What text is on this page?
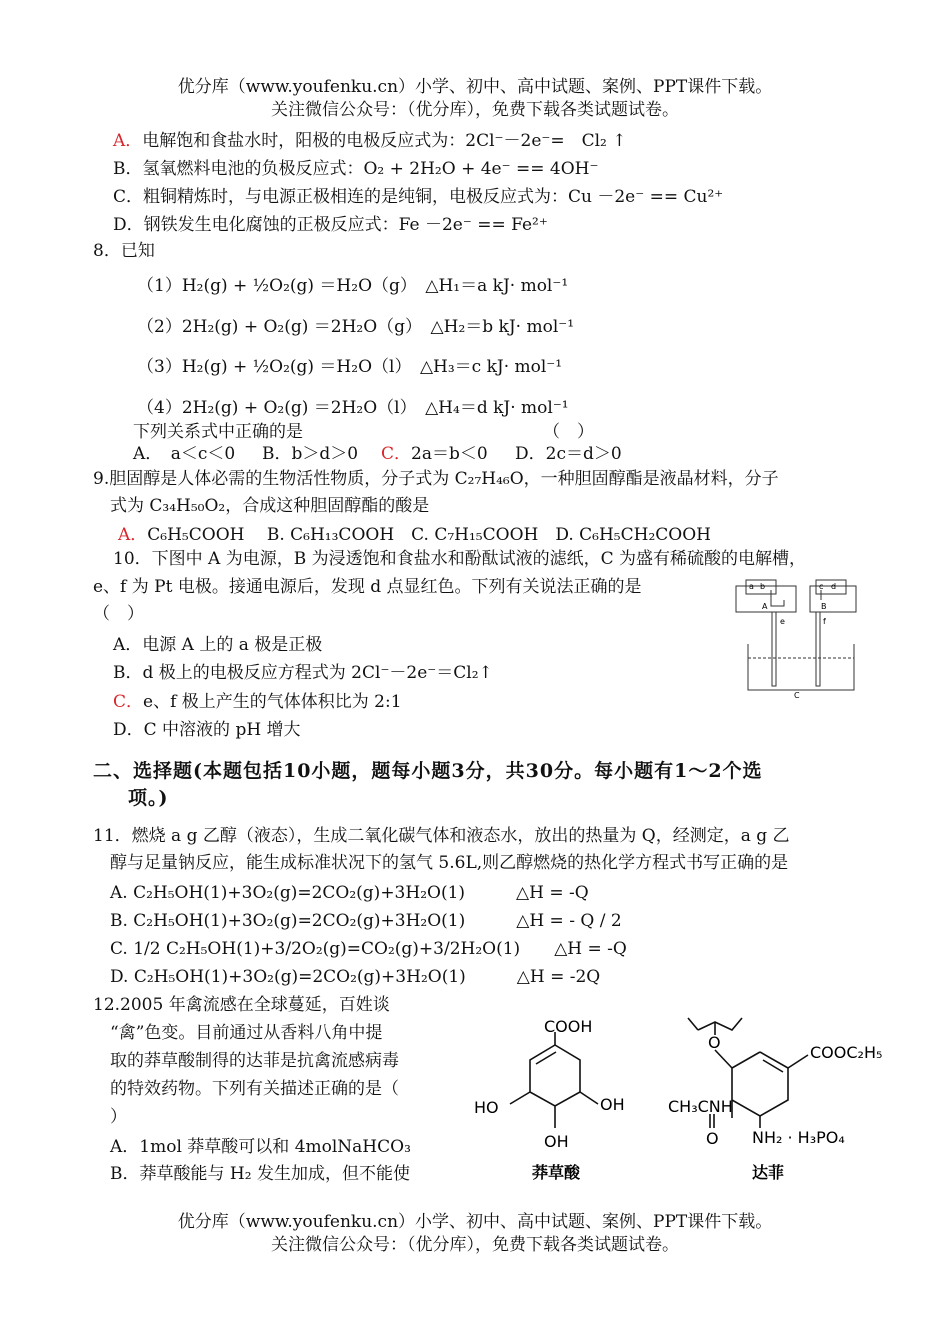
优分库（www.youfenku.cn）小学、初中、高中试题、案例、PPT课件下载。
关注微信公众号：（优分库），免费下载各类试题试卷。
A．电解饱和食盐水时，阳极的电极反应式为：2Cl⁻－2e⁻=　Cl₂ ↑
B．氢氧燃料电池的负极反应式：O₂ + 2H₂O + 4e⁻ == 4OH⁻
C．粗铜精炼时，与电源正极相连的是纯铜，电极反应式为：Cu －2e⁻ == Cu²⁺
D．钢铁发生电化腐蚀的正极反应式：Fe －2e⁻ == Fe²⁺
8．已知
（1）H₂(g) + ½O₂(g) ＝H₂O（g）　△H₁＝a kJ· mol⁻¹
（2）2H₂(g) + O₂(g) ＝2H₂O（g）　△H₂＝b kJ· mol⁻¹
（3）H₂(g) + ½O₂(g) ＝H₂O（l）　△H₃＝c kJ· mol⁻¹
（4）2H₂(g) + O₂(g) ＝2H₂O（l）　△H₄＝d kJ· mol⁻¹
下列关系式中正确的是	（　）
A．　a＜c＜0 B．b＞d＞0 C．2a＝b＜0 D．2c＝d＞0
9.胆固醇是人体必需的生物活性物质，分子式为 C₂₇H₄₆O，一种胆固醇酯是液晶材料，分子
式为 C₃₄H₅₀O₂，合成这种胆固醇酯的酸是
A．C₆H₅COOH　 B. C₆H₁₃COOH　C. C₇H₁₅COOH　D. C₆H₅CH₂COOH
10．下图中 A 为电源，B 为浸透饱和食盐水和酚酞试液的滤纸，C 为盛有稀硫酸的电解槽，
e、f 为 Pt 电极。接通电源后，发现 d 点显红色。下列有关说法正确的是
（　）
A．电源 A 上的 a 极是正极
B．d 极上的电极反应方程式为 2Cl⁻－2e⁻＝Cl₂↑
C．e、f 极上产生的气体体积比为 2:1
D．C 中溶液的 pH 增大
a b	c d
A	B
e	f
C
二、选择题(本题包括10小题，题每小题3分，共30分。每小题有1～2个选
项。)
11．燃烧 a g 乙醇（液态），生成二氧化碳气体和液态水，放出的热量为 Q，经测定，a g 乙
醇与足量钠反应，能生成标准状况下的氢气 5.6L,则乙醇燃烧的热化学方程式书写正确的是
A. C₂H₅OH(1)+3O₂(g)=2CO₂(g)+3H₂O(1)　　　△H = -Q
B. C₂H₅OH(1)+3O₂(g)=2CO₂(g)+3H₂O(1)　　　△H = - Q / 2
C. 1/2 C₂H₅OH(1)+3/2O₂(g)=CO₂(g)+3/2H₂O(1)　　△H = -Q
D. C₂H₅OH(1)+3O₂(g)=2CO₂(g)+3H₂O(1)　　　△H = -2Q
12.2005 年禽流感在全球蔓延，百姓谈
“禽”色变。目前通过从香料八角中提
取的莽草酸制得的达菲是抗禽流感病毒
的特效药物。下列有关描述正确的是（
）
A．1mol 莽草酸可以和 4molNaHCO₃
B．莽草酸能与 H₂ 发生加成，但不能使
COOH
HO	OH
OH
莽草酸
O
COOC₂H₅
CH₃CNH
O NH₂ · H₃PO₄
达菲
优分库（www.youfenku.cn）小学、初中、高中试题、案例、PPT课件下载。
关注微信公众号：（优分库），免费下载各类试题试卷。
